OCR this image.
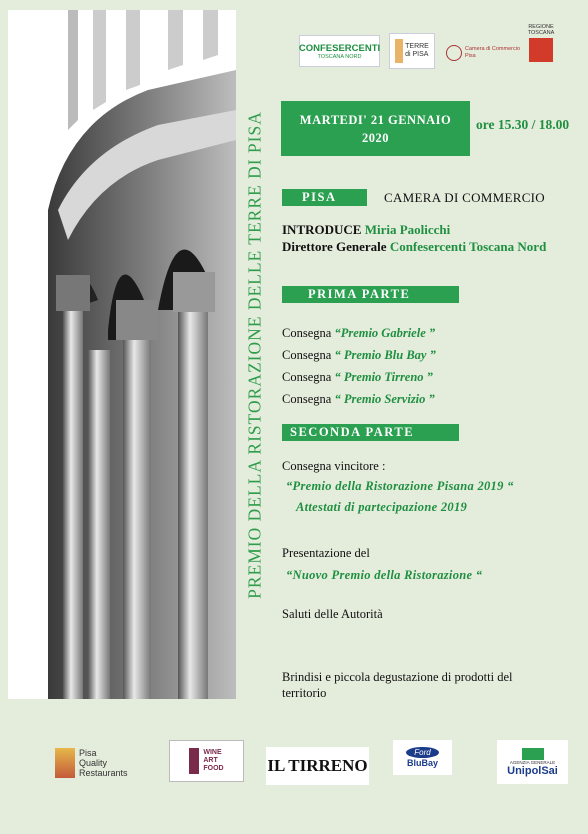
PREMIO DELLA RISTORAZIONE DELLE TERRE DI PISA
CONFESERCENTI
TOSCANA NORD
TERRE
di PISA
Camera di Commercio
Pisa
REGIONE
TOSCANA
MARTEDI' 21 GENNAIO
2020
ore 15.30 / 18.00
PISA	CAMERA DI COMMERCIO
INTRODUCE Miria Paolicchi
Direttore Generale Confesercenti Toscana Nord
PRIMA PARTE
Consegna “Premio Gabriele ”
Consegna “ Premio Blu Bay ”
Consegna “ Premio Tirreno ”
Consegna “ Premio Servizio ”
SECONDA PARTE
Consegna vincitore :
“Premio della Ristorazione Pisana 2019 “
Attestati di partecipazione 2019
Presentazione del
“Nuovo Premio della Ristorazione “
Saluti delle Autorità
Brindisi e piccola degustazione di prodotti del
territorio
Pisa
Quality
Restaurants
WINE
ART
FOOD	IL TIRRENO
Ford
BluBay	AGENZIA GENERALE
UnipolSai
